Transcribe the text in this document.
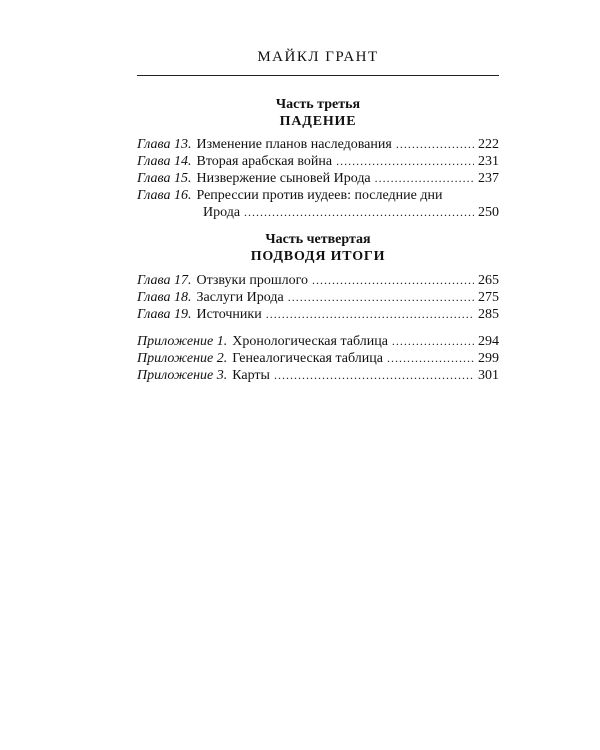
МАЙКЛ ГРАНТ
Часть третья
ПАДЕНИЕ
Глава 13. Изменение планов наследования .....	222
Глава 14. Вторая арабская война .....	231
Глава 15. Низвержение сыновей Ирода .....	237
Глава 16. Репрессии против иудеев: последние дни
Ирода .....	250
Часть четвертая
ПОДВОДЯ ИТОГИ
Глава 17. Отзвуки прошлого .....	265
Глава 18. Заслуги Ирода .....	275
Глава 19. Источники .....	285
Приложение 1. Хронологическая таблица .....	294
Приложение 2. Генеалогическая таблица .....	299
Приложение 3. Карты .....	301
